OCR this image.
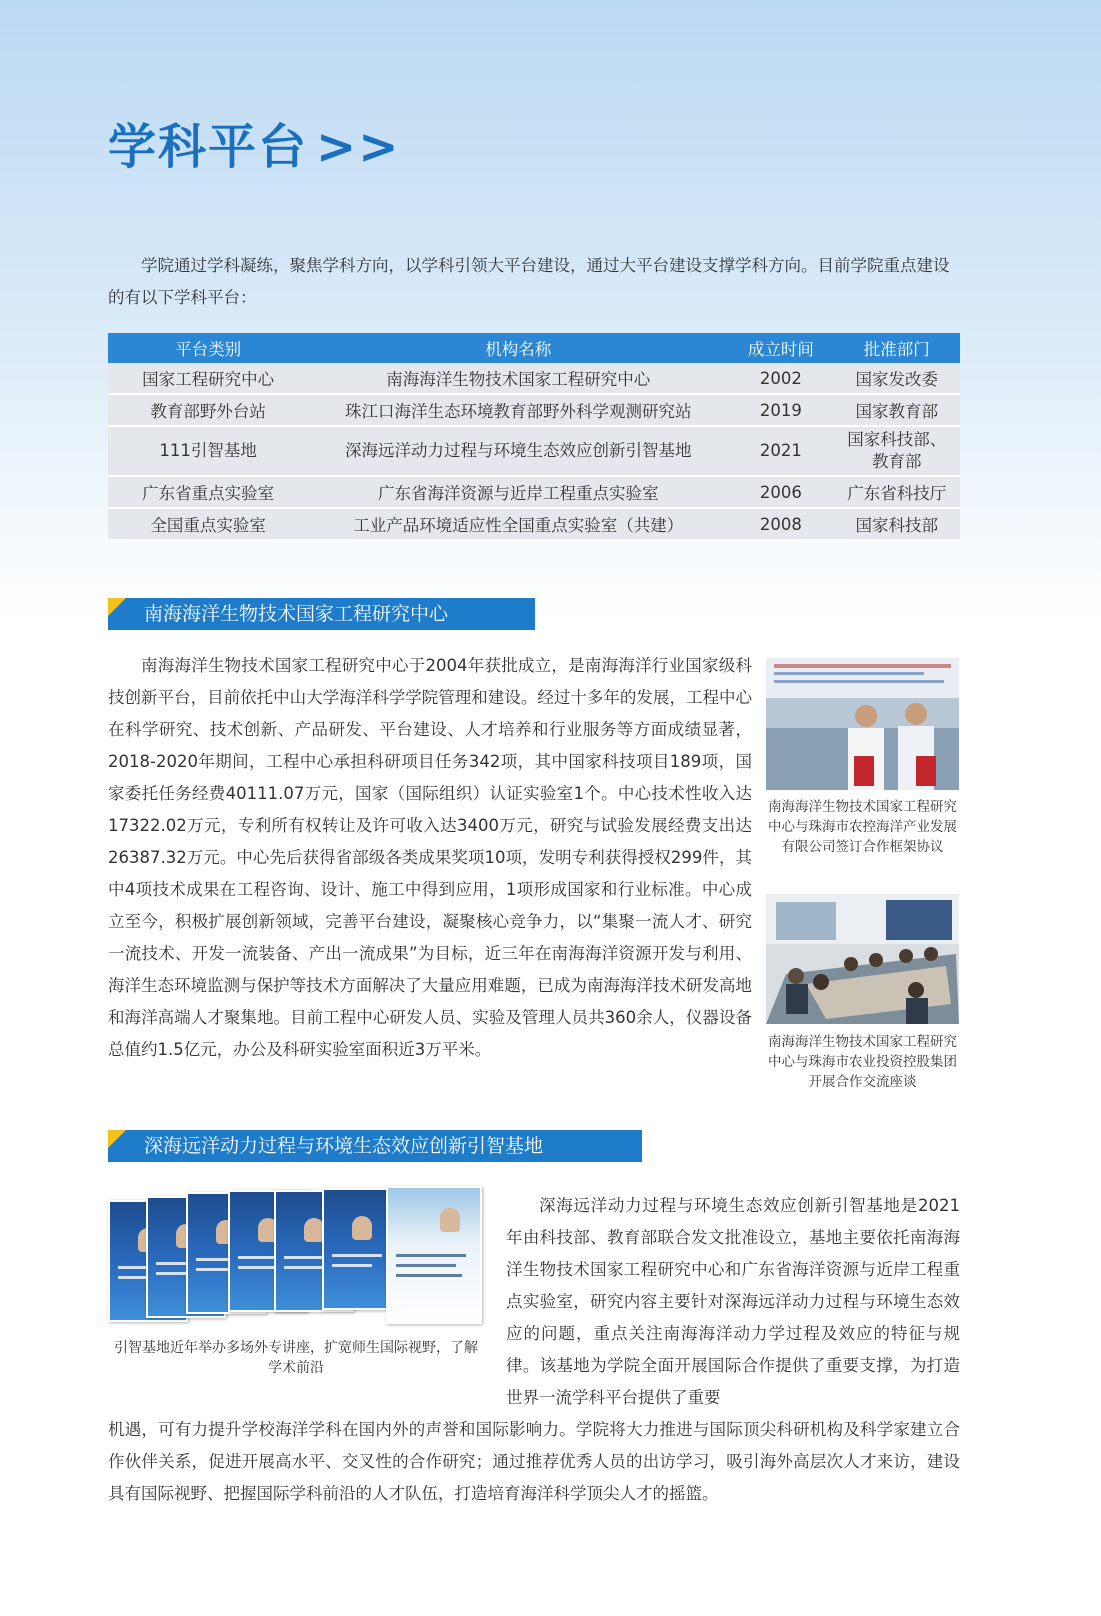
学科平台 >>

学院通过学科凝练，聚焦学科方向，以学科引领大平台建设，通过大平台建设支撑学科方向。目前学院重点建设的有以下学科平台：

平台类别	机构名称	成立时间	批准部门
国家工程研究中心	南海海洋生物技术国家工程研究中心	2002	国家发改委
教育部野外台站	珠江口海洋生态环境教育部野外科学观测研究站	2019	国家教育部
111引智基地	深海远洋动力过程与环境生态效应创新引智基地	2021	国家科技部、教育部
广东省重点实验室	广东省海洋资源与近岸工程重点实验室	2006	广东省科技厅
全国重点实验室	工业产品环境适应性全国重点实验室（共建）	2008	国家科技部
南海海洋生物技术国家工程研究中心

南海海洋生物技术国家工程研究中心于2004年获批成立，是南海海洋行业国家级科技创新平台，目前依托中山大学海洋科学学院管理和建设。经过十多年的发展，工程中心在科学研究、技术创新、产品研发、平台建设、人才培养和行业服务等方面成绩显著，2018-2020年期间，工程中心承担科研项目任务342项，其中国家科技项目189项，国家委托任务经费40111.07万元，国家（国际组织）认证实验室1个。中心技术性收入达17322.02万元，专利所有权转让及许可收入达3400万元，研究与试验发展经费支出达26387.32万元。中心先后获得省部级各类成果奖项10项，发明专利获得授权299件，其中4项技术成果在工程咨询、设计、施工中得到应用，1项形成国家和行业标准。中心成立至今，积极扩展创新领域，完善平台建设，凝聚核心竞争力，以“集聚一流人才、研究一流技术、开发一流装备、产出一流成果”为目标，近三年在南海海洋资源开发与利用、海洋生态环境监测与保护等技术方面解决了大量应用难题，已成为南海海洋技术研发高地和海洋高端人才聚集地。目前工程中心研发人员、实验及管理人员共360余人，仪器设备总值约1.5亿元，办公及科研实验室面积近3万平米。

南海海洋生物技术国家工程研究中心与珠海市农控海洋产业发展有限公司签订合作框架协议

南海海洋生物技术国家工程研究中心与珠海市农业投资控股集团开展合作交流座谈

深海远洋动力过程与环境生态效应创新引智基地

引智基地近年举办多场外专讲座，扩宽师生国际视野，了解学术前沿

深海远洋动力过程与环境生态效应创新引智基地是2021年由科技部、教育部联合发文批准设立，基地主要依托南海海洋生物技术国家工程研究中心和广东省海洋资源与近岸工程重点实验室，研究内容主要针对深海远洋动力过程与环境生态效应的问题，重点关注南海海洋动力学过程及效应的特征与规律。该基地为学院全面开展国际合作提供了重要支撑，为打造世界一流学科平台提供了重要

机遇，可有力提升学校海洋学科在国内外的声誉和国际影响力。学院将大力推进与国际顶尖科研机构及科学家建立合作伙伴关系，促进开展高水平、交叉性的合作研究；通过推荐优秀人员的出访学习，吸引海外高层次人才来访，建设具有国际视野、把握国际学科前沿的人才队伍，打造培育海洋科学顶尖人才的摇篮。
